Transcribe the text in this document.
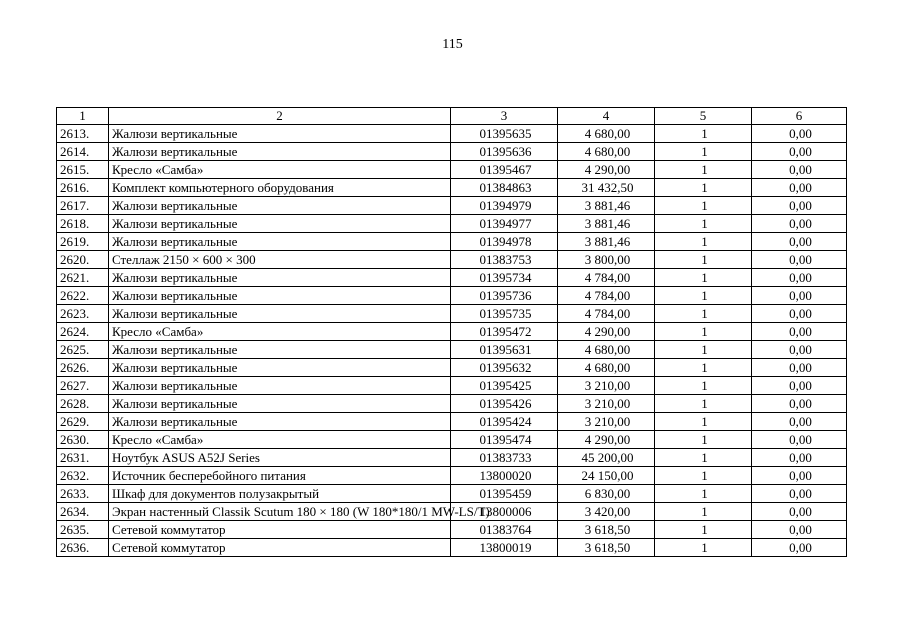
115
1	2	3	4	5	6
2613.	Жалюзи вертикальные	01395635	4 680,00	1	0,00
2614.	Жалюзи вертикальные	01395636	4 680,00	1	0,00
2615.	Кресло «Самба»	01395467	4 290,00	1	0,00
2616.	Комплект компьютерного оборудования	01384863	31 432,50	1	0,00
2617.	Жалюзи вертикальные	01394979	3 881,46	1	0,00
2618.	Жалюзи вертикальные	01394977	3 881,46	1	0,00
2619.	Жалюзи вертикальные	01394978	3 881,46	1	0,00
2620.	Стеллаж 2150 × 600 × 300	01383753	3 800,00	1	0,00
2621.	Жалюзи вертикальные	01395734	4 784,00	1	0,00
2622.	Жалюзи вертикальные	01395736	4 784,00	1	0,00
2623.	Жалюзи вертикальные	01395735	4 784,00	1	0,00
2624.	Кресло «Самба»	01395472	4 290,00	1	0,00
2625.	Жалюзи вертикальные	01395631	4 680,00	1	0,00
2626.	Жалюзи вертикальные	01395632	4 680,00	1	0,00
2627.	Жалюзи вертикальные	01395425	3 210,00	1	0,00
2628.	Жалюзи вертикальные	01395426	3 210,00	1	0,00
2629.	Жалюзи вертикальные	01395424	3 210,00	1	0,00
2630.	Кресло «Самба»	01395474	4 290,00	1	0,00
2631.	Ноутбук ASUS A52J Series	01383733	45 200,00	1	0,00
2632.	Источник бесперебойного питания	13800020	24 150,00	1	0,00
2633.	Шкаф для документов полузакрытый	01395459	6 830,00	1	0,00
2634.	Экран настенный Classik Scutum 180 × 180 (W 180*180/1 MW-LS/T)	13800006	3 420,00	1	0,00
2635.	Сетевой коммутатор	01383764	3 618,50	1	0,00
2636.	Сетевой коммутатор	13800019	3 618,50	1	0,00
